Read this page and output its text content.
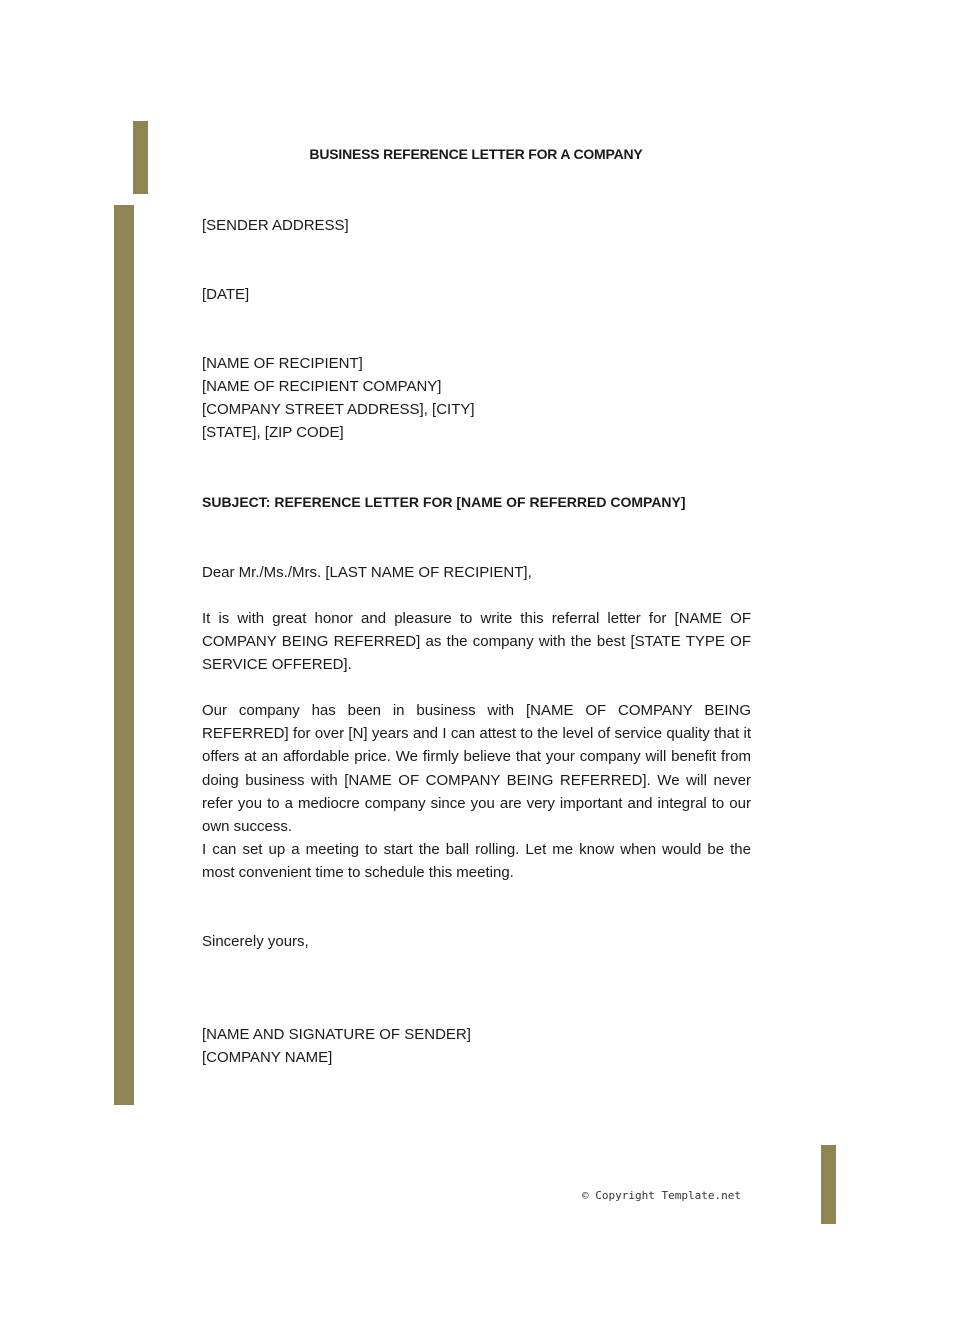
BUSINESS REFERENCE LETTER FOR A COMPANY
[SENDER ADDRESS]
[DATE]
[NAME OF RECIPIENT]
[NAME OF RECIPIENT COMPANY]
[COMPANY STREET ADDRESS], [CITY]
[STATE], [ZIP CODE]
SUBJECT: REFERENCE LETTER FOR [NAME OF REFERRED COMPANY]
Dear Mr./Ms./Mrs. [LAST NAME OF RECIPIENT],

It is with great honor and pleasure to write this referral letter for [NAME OF COMPANY BEING REFERRED] as the company with the best [STATE TYPE OF SERVICE OFFERED].

Our company has been in business with [NAME OF COMPANY BEING REFERRED] for over [N] years and I can attest to the level of service quality that it offers at an affordable price. We firmly believe that your company will benefit from doing business with [NAME OF COMPANY BEING REFERRED]. We will never refer you to a mediocre company since you are very important and integral to our own success.

I can set up a meeting to start the ball rolling. Let me know when would be the most convenient time to schedule this meeting.

Sincerely yours,
[NAME AND SIGNATURE OF SENDER]
[COMPANY NAME]
© Copyright Template.net
